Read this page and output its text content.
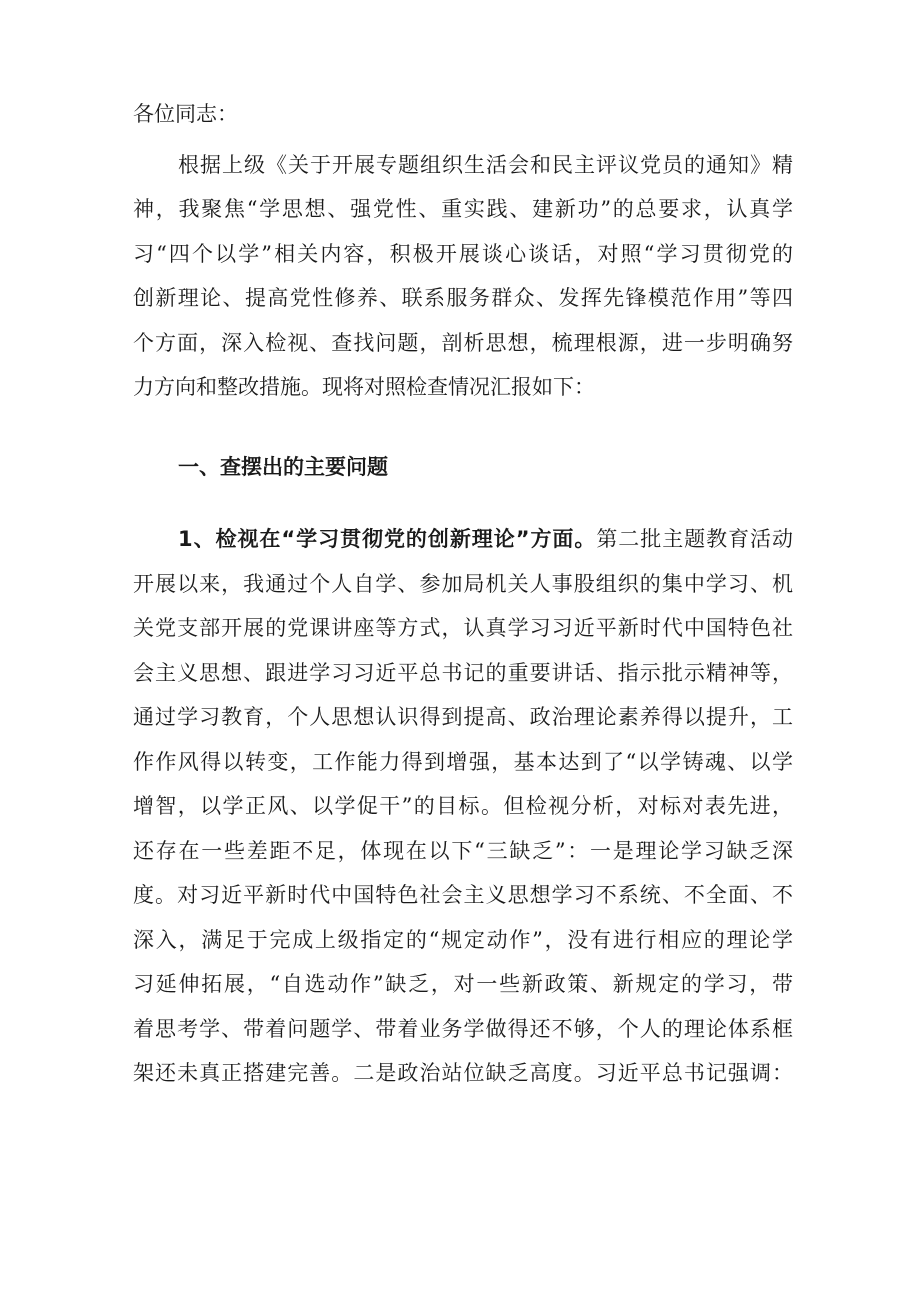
各位同志：

根据上级《关于开展专题组织生活会和民主评议党员的通知》精

神，我聚焦“学思想、强党性、重实践、建新功”的总要求，认真学

习“四个以学”相关内容，积极开展谈心谈话，对照“学习贯彻党的

创新理论、提高党性修养、联系服务群众、发挥先锋模范作用”等四

个方面，深入检视、查找问题，剖析思想，梳理根源，进一步明确努

力方向和整改措施。现将对照检查情况汇报如下：

一、查摆出的主要问题

1、检视在“学习贯彻党的创新理论”方面。第二批主题教育活动

开展以来，我通过个人自学、参加局机关人事股组织的集中学习、机

关党支部开展的党课讲座等方式，认真学习习近平新时代中国特色社

会主义思想、跟进学习习近平总书记的重要讲话、指示批示精神等，

通过学习教育，个人思想认识得到提高、政治理论素养得以提升，工

作作风得以转变，工作能力得到增强，基本达到了“以学铸魂、以学

增智，以学正风、以学促干”的目标。但检视分析，对标对表先进，

还存在一些差距不足，体现在以下“三缺乏”：一是理论学习缺乏深

度。对习近平新时代中国特色社会主义思想学习不系统、不全面、不

深入，满足于完成上级指定的“规定动作”，没有进行相应的理论学

习延伸拓展，“自选动作”缺乏，对一些新政策、新规定的学习，带

着思考学、带着问题学、带着业务学做得还不够，个人的理论体系框

架还未真正搭建完善。二是政治站位缺乏高度。习近平总书记强调：
